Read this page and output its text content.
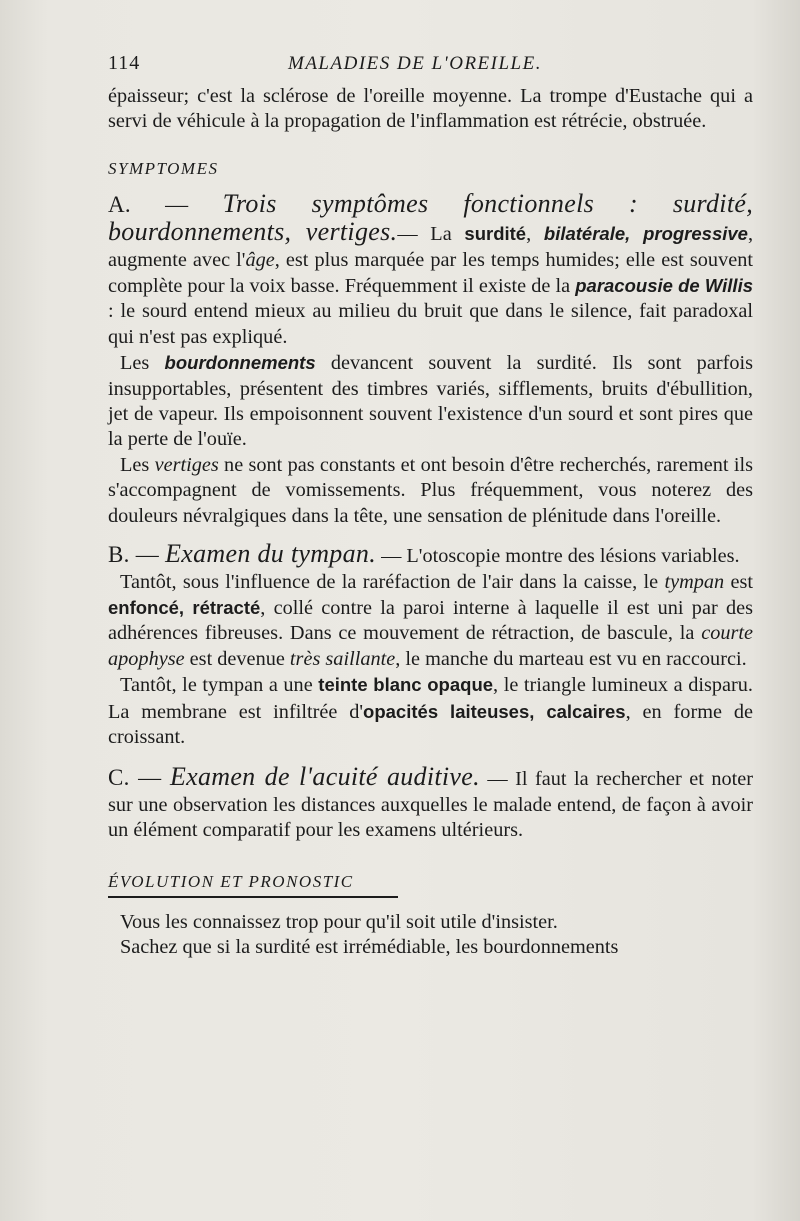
114	MALADIES DE L'OREILLE.

épaisseur; c'est la sclérose de l'oreille moyenne. La trompe d'Eustache qui a servi de véhicule à la propagation de l'inflammation est rétrécie, obstruée.

SYMPTOMES

A. — Trois symptômes fonctionnels : surdité, bourdonnements, vertiges.— La surdité, bilatérale, progressive, augmente avec l'âge, est plus marquée par les temps humides; elle est souvent complète pour la voix basse. Fréquemment il existe de la paracousie de Willis : le sourd entend mieux au milieu du bruit que dans le silence, fait paradoxal qui n'est pas expliqué.

Les bourdonnements devancent souvent la surdité. Ils sont parfois insupportables, présentent des timbres variés, sifflements, bruits d'ébullition, jet de vapeur. Ils empoisonnent souvent l'existence d'un sourd et sont pires que la perte de l'ouïe.

Les vertiges ne sont pas constants et ont besoin d'être recherchés, rarement ils s'accompagnent de vomissements. Plus fréquemment, vous noterez des douleurs névralgiques dans la tête, une sensation de plénitude dans l'oreille.

B. — Examen du tympan. — L'otoscopie montre des lésions variables.

Tantôt, sous l'influence de la raréfaction de l'air dans la caisse, le tympan est enfoncé, rétracté, collé contre la paroi interne à laquelle il est uni par des adhérences fibreuses. Dans ce mouvement de rétraction, de bascule, la courte apophyse est devenue très saillante, le manche du marteau est vu en raccourci.

Tantôt, le tympan a une teinte blanc opaque, le triangle lumineux a disparu. La membrane est infiltrée d'opacités laiteuses, calcaires, en forme de croissant.

C. — Examen de l'acuité auditive. — Il faut la rechercher et noter sur une observation les distances auxquelles le malade entend, de façon à avoir un élément comparatif pour les examens ultérieurs.

ÉVOLUTION ET PRONOSTIC

Vous les connaissez trop pour qu'il soit utile d'insister.

Sachez que si la surdité est irrémédiable, les bourdonnements
